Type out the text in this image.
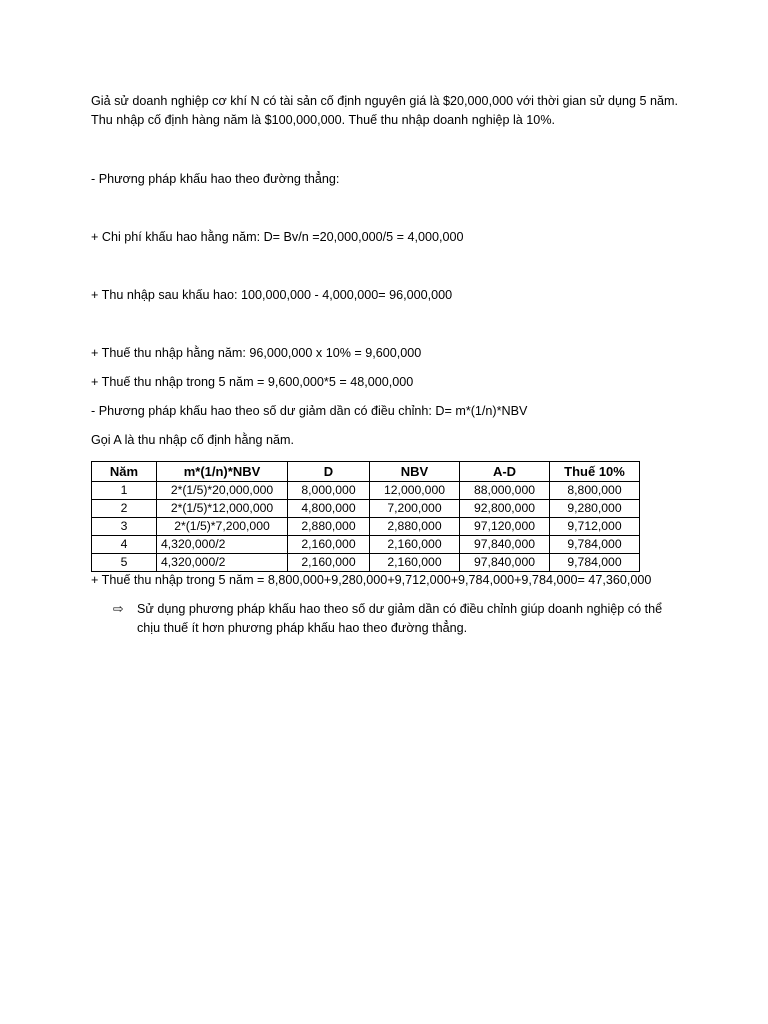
Giả sử doanh nghiệp cơ khí N có tài sản cố định nguyên giá là $20,000,000 với thời gian sử dụng 5 năm.
Thu nhập cố định hàng năm là $100,000,000. Thuế thu nhập doanh nghiệp là 10%.
- Phương pháp khấu hao theo đường thẳng:
+ Chi phí khấu hao hằng năm: D= Bv/n =20,000,000/5 = 4,000,000
+ Thu nhập sau khấu hao: 100,000,000 - 4,000,000= 96,000,000
+ Thuế thu nhập hằng năm: 96,000,000 x 10% = 9,600,000
+ Thuế thu nhập trong 5 năm = 9,600,000*5 = 48,000,000
- Phương pháp khấu hao theo số dư giảm dần có điều chỉnh: D= m*(1/n)*NBV
Gọi A là thu nhập cố định hằng năm.
Năm	m*(1/n)*NBV	D	NBV	A-D	Thuế 10%
1	2*(1/5)*20,000,000	8,000,000	12,000,000	88,000,000	8,800,000
2	2*(1/5)*12,000,000	4,800,000	7,200,000	92,800,000	9,280,000
3	2*(1/5)*7,200,000	2,880,000	2,880,000	97,120,000	9,712,000
4	4,320,000/2	2,160,000	2,160,000	97,840,000	9,784,000
5	4,320,000/2	2,160,000	2,160,000	97,840,000	9,784,000
+ Thuế thu nhập trong 5 năm = 8,800,000+9,280,000+9,712,000+9,784,000+9,784,000= 47,360,000
⇨	Sử dụng phương pháp khấu hao theo số dư giảm dần có điều chỉnh giúp doanh nghiệp có thể
chịu thuế ít hơn phương pháp khấu hao theo đường thẳng.
